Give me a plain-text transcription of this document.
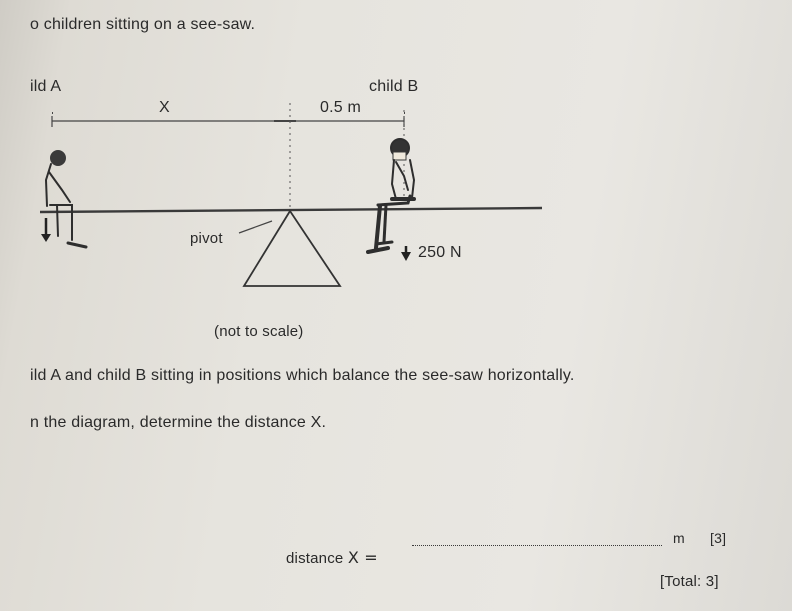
o children sitting on a see-saw.
ild A	child B
X	0.5 m
pivot
250 N
(not to scale)
ild A and child B sitting in positions which balance the see-saw horizontally.
n the diagram, determine the distance X.
distance X =
m [3]
[Total: 3]
